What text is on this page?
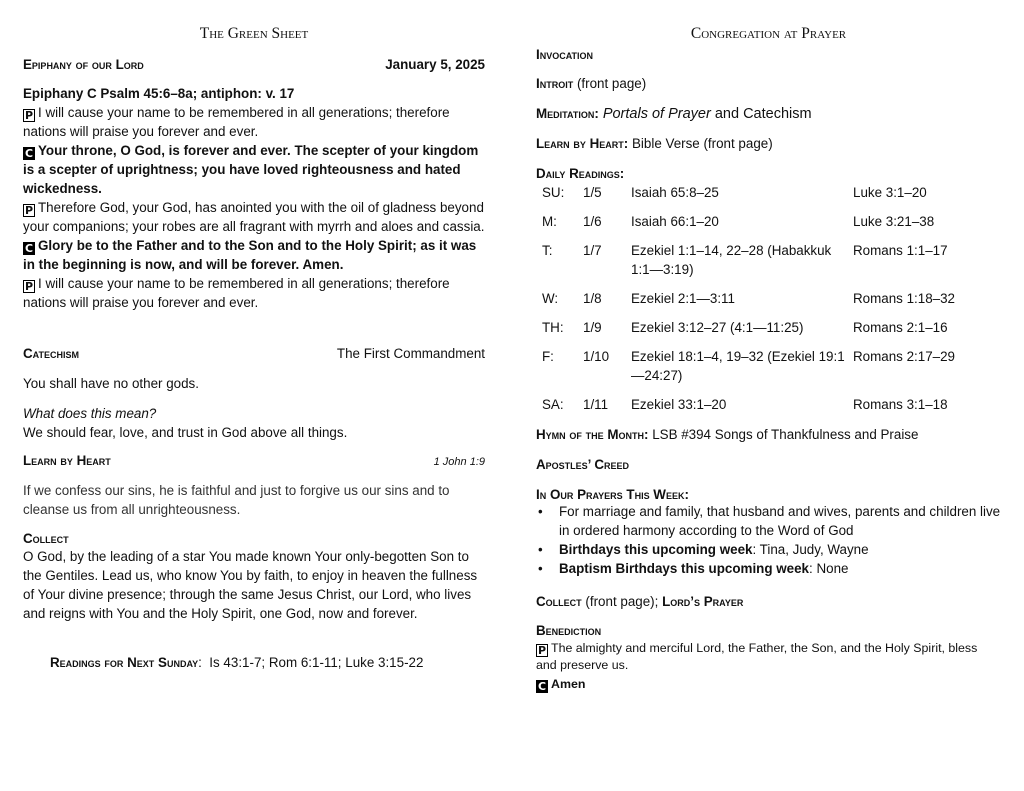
The Green Sheet
Epiphany of our Lord	January 5, 2025

Epiphany C Psalm 45:6–8a; antiphon: v. 17

P I will cause your name to be remembered in all generations; therefore nations will praise you forever and ever.

C Your throne, O God, is forever and ever. The scepter of your kingdom is a scepter of uprightness; you have loved righteousness and hated wickedness.

P Therefore God, your God, has anointed you with the oil of gladness beyond your companions; your robes are all fragrant with myrrh and aloes and cassia.

C Glory be to the Father and to the Son and to the Holy Spirit; as it was in the beginning is now, and will be forever. Amen.

P I will cause your name to be remembered in all generations; therefore nations will praise you forever and ever.

Catechism	The First Commandment

You shall have no other gods.

What does this mean?

We should fear, love, and trust in God above all things.

Learn by Heart	1 John 1:9

If we confess our sins, he is faithful and just to forgive us our sins and to cleanse us from all unrighteousness.

Collect

O God, by the leading of a star You made known Your only-begotten Son to the Gentiles. Lead us, who know You by faith, to enjoy in heaven the fullness of Your divine presence; through the same Jesus Christ, our Lord, who lives and reigns with You and the Holy Spirit, one God, now and forever.

Readings for Next Sunday:  Is 43:1-7; Rom 6:1-11; Luke 3:15-22
Congregation at Prayer

Invocation

Introit (front page)

Meditation: Portals of Prayer and Catechism

Learn by Heart: Bible Verse (front page)

Daily Readings:

SU:	1/5	Isaiah 65:8–25	Luke 3:1–20
M:	1/6	Isaiah 66:1–20	Luke 3:21–38
T:	1/7	Ezekiel 1:1–14, 22–28 (Habakkuk 1:1—3:19)	Romans 1:1–17
W:	1/8	Ezekiel 2:1—3:11	Romans 1:18–32
TH:	1/9	Ezekiel 3:12–27 (4:1—11:25)	Romans 2:1–16
F:	1/10	Ezekiel 18:1–4, 19–32 (Ezekiel 19:1—24:27)	Romans 2:17–29
SA:	1/11	Ezekiel 33:1–20	Romans 3:1–18

Hymn of the Month: LSB #394 Songs of Thankfulness and Praise

Apostles’ Creed

In Our Prayers This Week:

• For marriage and family, that husband and wives, parents and children live in ordered harmony according to the Word of God
• Birthdays this upcoming week: Tina, Judy, Wayne
• Baptism Birthdays this upcoming week: None

Collect (front page); Lord’s Prayer

Benediction

P The almighty and merciful Lord, the Father, the Son, and the Holy Spirit, bless and preserve us.

C Amen
